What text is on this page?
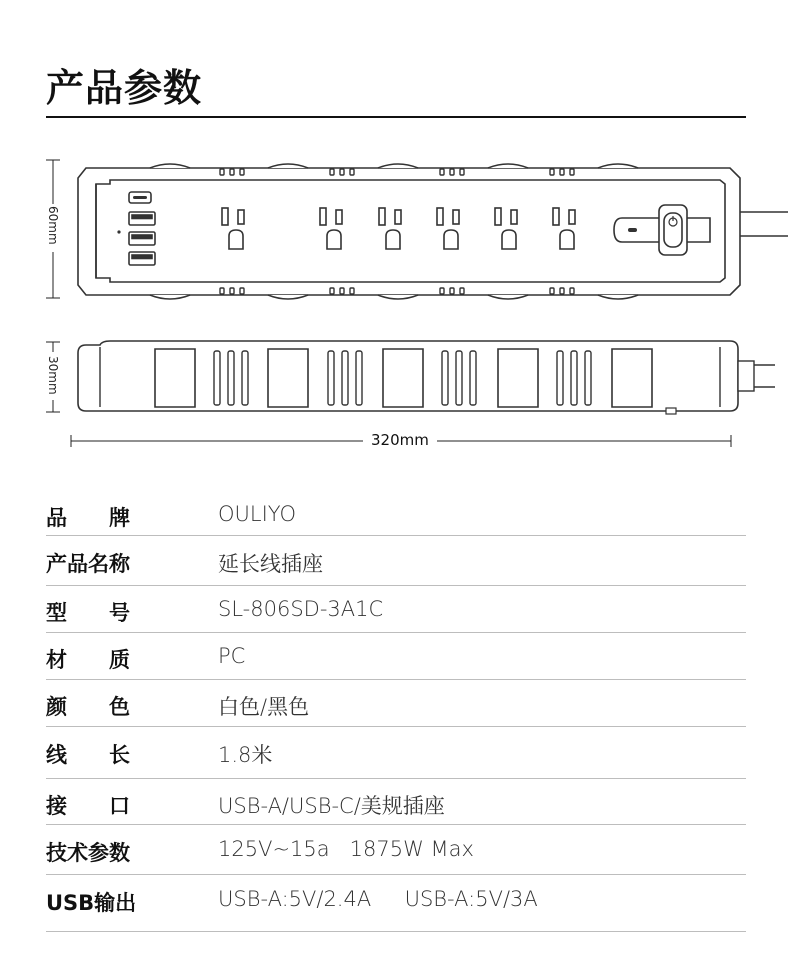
产品参数
60mm
30mm
320mm
品　　牌	OULIYO
产品名称	延长线插座
型　　号	SL-806SD-3A1C
材　　质	PC
颜　　色	白色/黑色
线　　长	1.8米
接　　口	USB-A/USB-C/美规插座
技术参数	125V~15a   1875W Max
USB输出	USB-A:5V/2.4A     USB-A:5V/3A
